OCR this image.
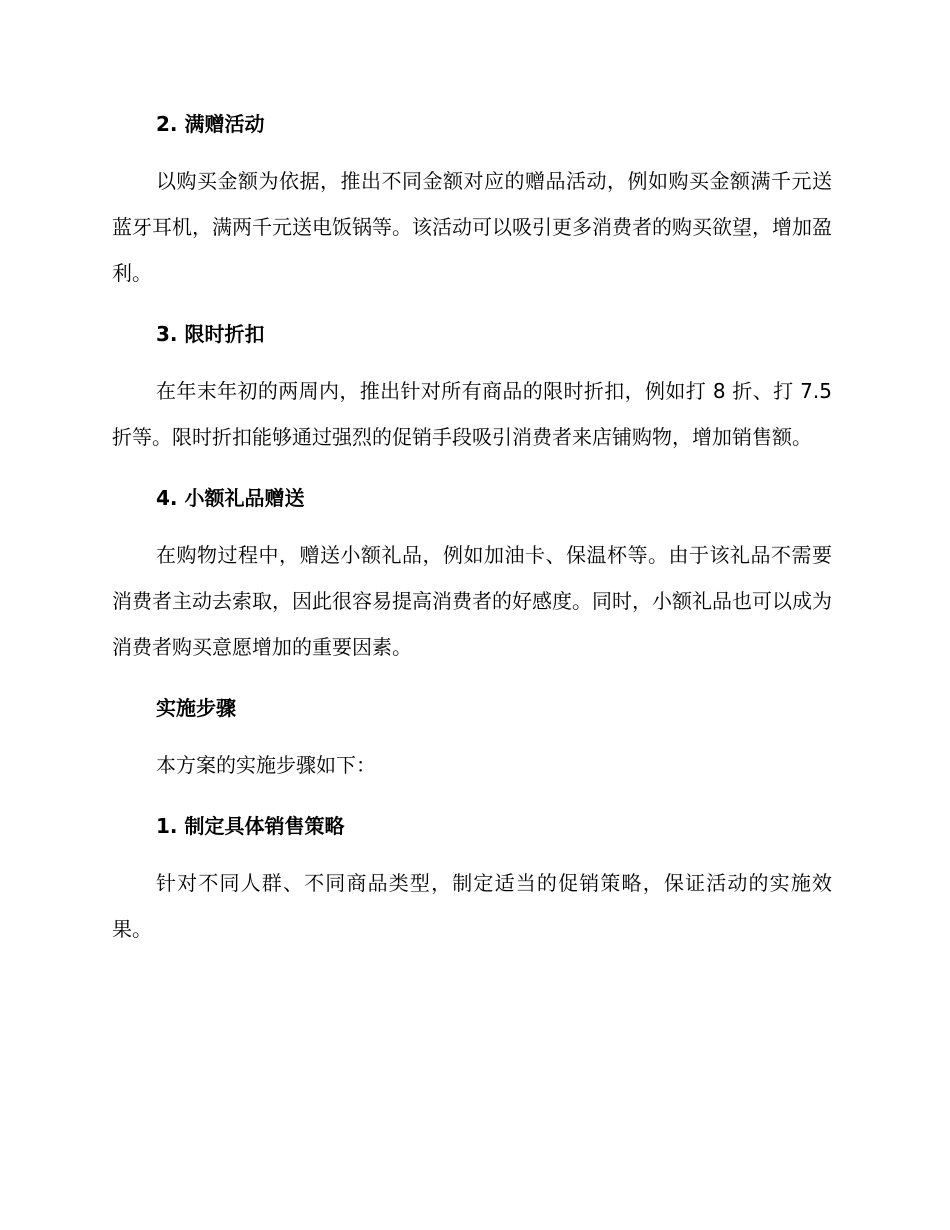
2. 满赠活动

以购买金额为依据，推出不同金额对应的赠品活动，例如购买金额满千元送蓝牙耳机，满两千元送电饭锅等。该活动可以吸引更多消费者的购买欲望，增加盈利。

3. 限时折扣

在年末年初的两周内，推出针对所有商品的限时折扣，例如打 8 折、打 7.5 折等。限时折扣能够通过强烈的促销手段吸引消费者来店铺购物，增加销售额。

4. 小额礼品赠送

在购物过程中，赠送小额礼品，例如加油卡、保温杯等。由于该礼品不需要消费者主动去索取，因此很容易提高消费者的好感度。同时，小额礼品也可以成为消费者购买意愿增加的重要因素。

实施步骤

本方案的实施步骤如下：

1. 制定具体销售策略

针对不同人群、不同商品类型，制定适当的促销策略，保证活动的实施效果。
